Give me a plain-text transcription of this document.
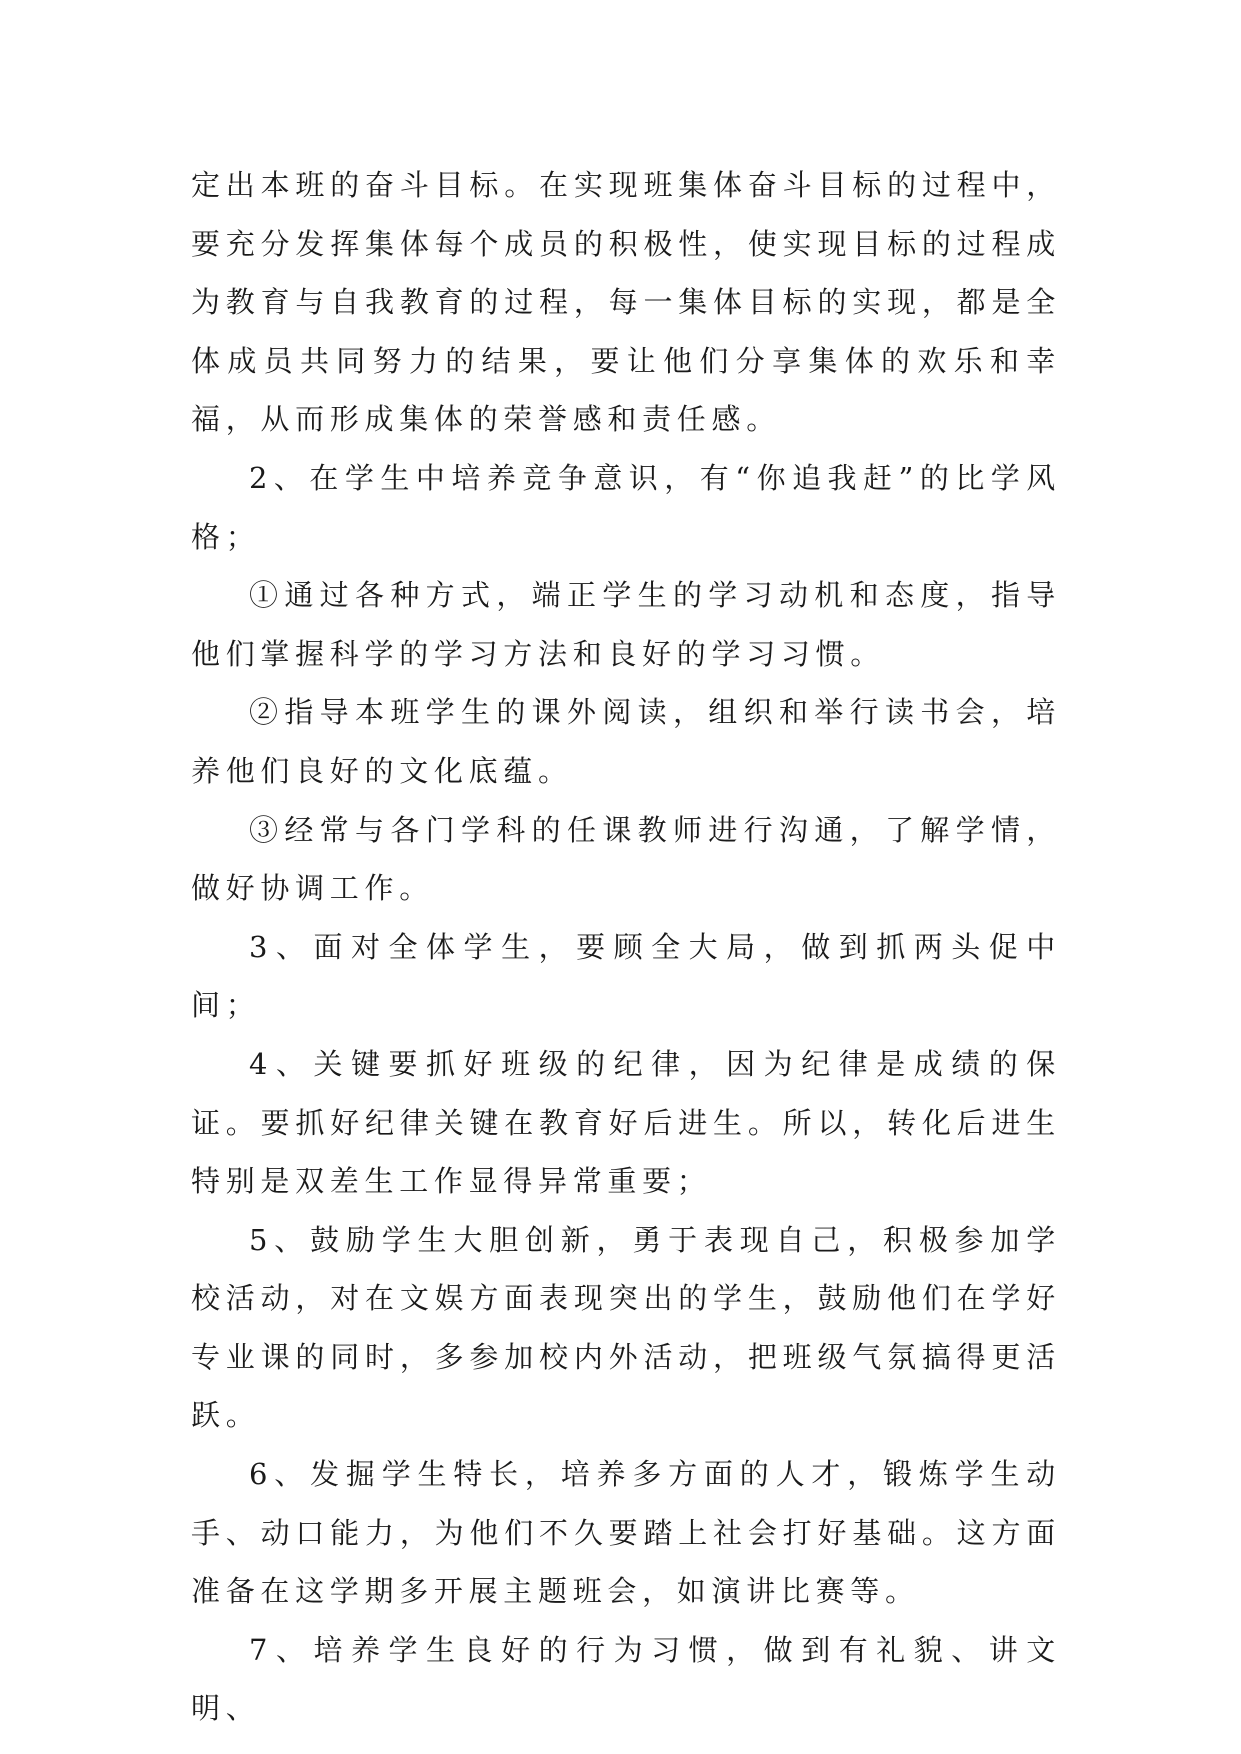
定出本班的奋斗目标。在实现班集体奋斗目标的过程中，要充分发挥集体每个成员的积极性，使实现目标的过程成为教育与自我教育的过程，每一集体目标的实现，都是全体成员共同努力的结果，要让他们分享集体的欢乐和幸福，从而形成集体的荣誉感和责任感。

2、在学生中培养竞争意识，有“你追我赶”的比学风格；

①通过各种方式，端正学生的学习动机和态度，指导他们掌握科学的学习方法和良好的学习习惯。

②指导本班学生的课外阅读，组织和举行读书会，培养他们良好的文化底蕴。

③经常与各门学科的任课教师进行沟通，了解学情，做好协调工作。

3、面对全体学生，要顾全大局，做到抓两头促中间；

4、关键要抓好班级的纪律，因为纪律是成绩的保证。要抓好纪律关键在教育好后进生。所以，转化后进生特别是双差生工作显得异常重要；

5、鼓励学生大胆创新，勇于表现自己，积极参加学校活动，对在文娱方面表现突出的学生，鼓励他们在学好专业课的同时，多参加校内外活动，把班级气氛搞得更活跃。

6、发掘学生特长，培养多方面的人才，锻炼学生动手、动口能力，为他们不久要踏上社会打好基础。这方面准备在这学期多开展主题班会，如演讲比赛等。

7、培养学生良好的行为习惯，做到有礼貌、讲文明、
